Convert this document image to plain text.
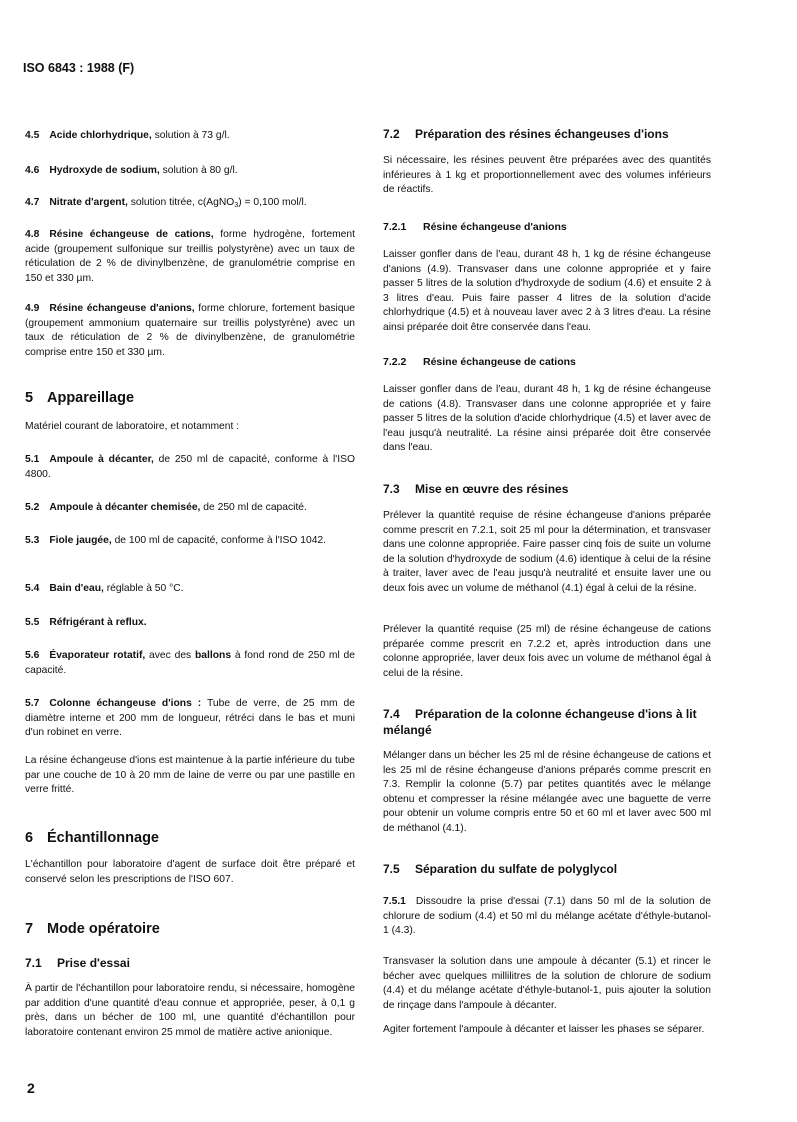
ISO 6843 : 1988 (F)
4.5 Acide chlorhydrique, solution à 73 g/l.
4.6 Hydroxyde de sodium, solution à 80 g/l.
4.7 Nitrate d'argent, solution titrée, c(AgNO$_3$) = 0,100 mol/l.
4.8 Résine échangeuse de cations, forme hydrogène, fortement acide (groupement sulfonique sur treillis polystyrène) avec un taux de réticulation de 2 % de divinylbenzène, de granulométrie comprise en 150 et 330 µm.
4.9 Résine échangeuse d'anions, forme chlorure, fortement basique (groupement ammonium quaternaire sur treillis polystyrène) avec un taux de réticulation de 2 % de divinylbenzène, de granulométrie comprise entre 150 et 330 µm.
5 Appareillage
Matériel courant de laboratoire, et notamment :
5.1 Ampoule à décanter, de 250 ml de capacité, conforme à l'ISO 4800.
5.2 Ampoule à décanter chemisée, de 250 ml de capacité.
5.3 Fiole jaugée, de 100 ml de capacité, conforme à l'ISO 1042.
5.4 Bain d'eau, réglable à 50 °C.
5.5 Réfrigérant à reflux.
5.6 Évaporateur rotatif, avec des ballons à fond rond de 250 ml de capacité.
5.7 Colonne échangeuse d'ions : Tube de verre, de 25 mm de diamètre interne et 200 mm de longueur, rétréci dans le bas et muni d'un robinet en verre.
La résine échangeuse d'ions est maintenue à la partie inférieure du tube par une couche de 10 à 20 mm de laine de verre ou par une pastille en verre fritté.
6 Échantillonnage
L'échantillon pour laboratoire d'agent de surface doit être préparé et conservé selon les prescriptions de l'ISO 607.
7 Mode opératoire
7.1 Prise d'essai
À partir de l'échantillon pour laboratoire rendu, si nécessaire, homogène par addition d'une quantité d'eau connue et appropriée, peser, à 0,1 g près, dans un bécher de 100 ml, une quantité d'échantillon pour laboratoire contenant environ 25 mmol de matière active anionique.
7.2 Préparation des résines échangeuses d'ions
Si nécessaire, les résines peuvent être préparées avec des quantités inférieures à 1 kg et proportionnellement avec des volumes inférieurs de réactifs.
7.2.1 Résine échangeuse d'anions
Laisser gonfler dans de l'eau, durant 48 h, 1 kg de résine échangeuse d'anions (4.9). Transvaser dans une colonne appropriée et y faire passer 5 litres de la solution d'hydroxyde de sodium (4.6) et ensuite 2 à 3 litres d'eau. Puis faire passer 4 litres de la solution d'acide chlorhydrique (4.5) et à nouveau laver avec 2 à 3 litres d'eau. La résine ainsi préparée doit être conservée dans l'eau.
7.2.2 Résine échangeuse de cations
Laisser gonfler dans de l'eau, durant 48 h, 1 kg de résine échangeuse de cations (4.8). Transvaser dans une colonne appropriée et y faire passer 5 litres de la solution d'acide chlorhydrique (4.5) et laver avec de l'eau jusqu'à neutralité. La résine ainsi préparée doit être conservée dans l'eau.
7.3 Mise en œuvre des résines
Prélever la quantité requise de résine échangeuse d'anions préparée comme prescrit en 7.2.1, soit 25 ml pour la détermination, et transvaser dans une colonne appropriée. Faire passer cinq fois de suite un volume de la solution d'hydroxyde de sodium (4.6) identique à celui de la résine à traiter, laver avec de l'eau jusqu'à neutralité et ensuite laver une ou deux fois avec un volume de méthanol (4.1) égal à celui de la résine.
Prélever la quantité requise (25 ml) de résine échangeuse de cations préparée comme prescrit en 7.2.2 et, après introduction dans une colonne appropriée, laver deux fois avec un volume de méthanol égal à celui de la résine.
7.4 Préparation de la colonne échangeuse d'ions à lit mélangé
Mélanger dans un bécher les 25 ml de résine échangeuse de cations et les 25 ml de résine échangeuse d'anions préparés comme prescrit en 7.3. Remplir la colonne (5.7) par petites quantités avec le mélange obtenu et compresser la résine mélangée avec une baguette de verre pour obtenir un volume compris entre 50 et 60 ml et laver avec 500 ml de méthanol (4.1).
7.5 Séparation du sulfate de polyglycol
7.5.1 Dissoudre la prise d'essai (7.1) dans 50 ml de la solution de chlorure de sodium (4.4) et 50 ml du mélange acétate d'éthyle-butanol-1 (4.3).
Transvaser la solution dans une ampoule à décanter (5.1) et rincer le bécher avec quelques millilitres de la solution de chlorure de sodium (4.4) et du mélange acétate d'éthyle-butanol-1, puis ajouter la solution de rinçage dans l'ampoule à décanter.
Agiter fortement l'ampoule à décanter et laisser les phases se séparer.
2
